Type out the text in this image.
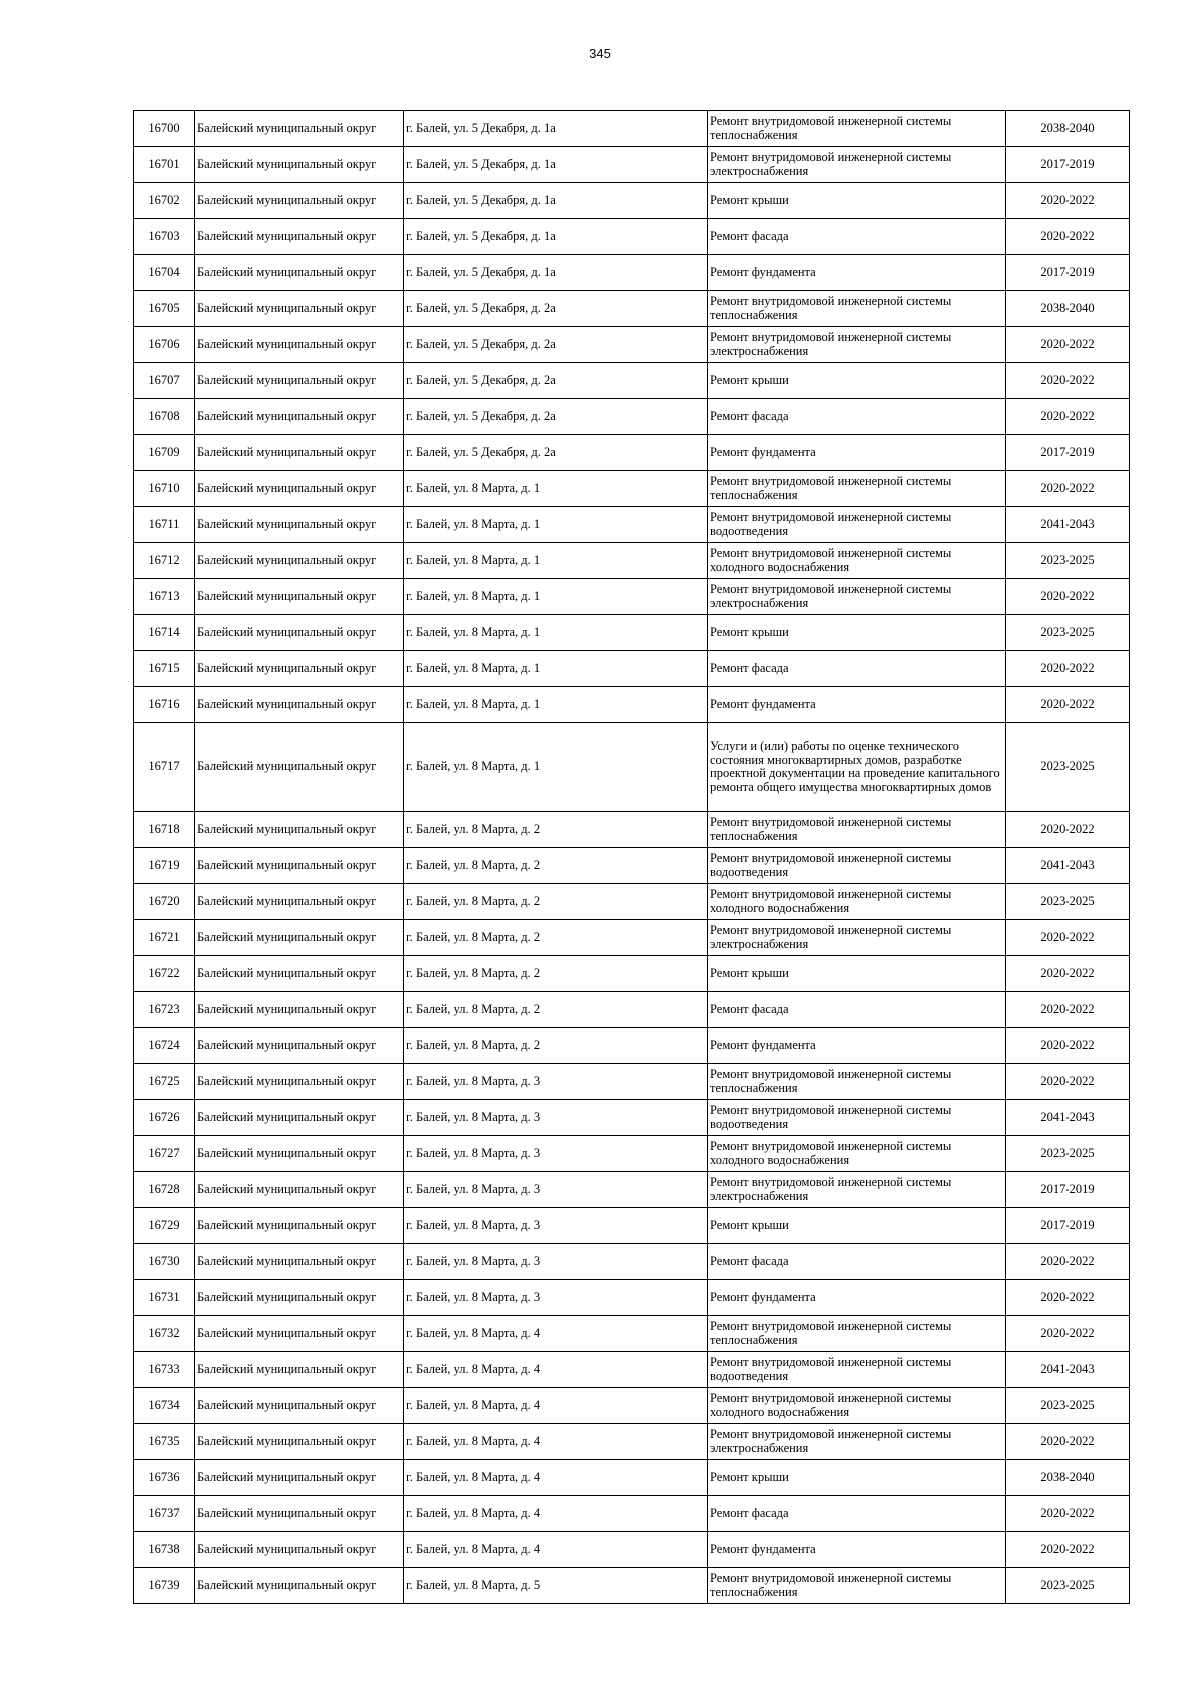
345
16700	Балейский муниципальный округ	г. Балей, ул. 5 Декабря, д. 1а	Ремонт внутридомовой инженерной системы теплоснабжения	2038-2040
16701	Балейский муниципальный округ	г. Балей, ул. 5 Декабря, д. 1а	Ремонт внутридомовой инженерной системы электроснабжения	2017-2019
16702	Балейский муниципальный округ	г. Балей, ул. 5 Декабря, д. 1а	Ремонт крыши	2020-2022
16703	Балейский муниципальный округ	г. Балей, ул. 5 Декабря, д. 1а	Ремонт фасада	2020-2022
16704	Балейский муниципальный округ	г. Балей, ул. 5 Декабря, д. 1а	Ремонт фундамента	2017-2019
16705	Балейский муниципальный округ	г. Балей, ул. 5 Декабря, д. 2а	Ремонт внутридомовой инженерной системы теплоснабжения	2038-2040
16706	Балейский муниципальный округ	г. Балей, ул. 5 Декабря, д. 2а	Ремонт внутридомовой инженерной системы электроснабжения	2020-2022
16707	Балейский муниципальный округ	г. Балей, ул. 5 Декабря, д. 2а	Ремонт крыши	2020-2022
16708	Балейский муниципальный округ	г. Балей, ул. 5 Декабря, д. 2а	Ремонт фасада	2020-2022
16709	Балейский муниципальный округ	г. Балей, ул. 5 Декабря, д. 2а	Ремонт фундамента	2017-2019
16710	Балейский муниципальный округ	г. Балей, ул. 8 Марта, д. 1	Ремонт внутридомовой инженерной системы теплоснабжения	2020-2022
16711	Балейский муниципальный округ	г. Балей, ул. 8 Марта, д. 1	Ремонт внутридомовой инженерной системы водоотведения	2041-2043
16712	Балейский муниципальный округ	г. Балей, ул. 8 Марта, д. 1	Ремонт внутридомовой инженерной системы холодного водоснабжения	2023-2025
16713	Балейский муниципальный округ	г. Балей, ул. 8 Марта, д. 1	Ремонт внутридомовой инженерной системы электроснабжения	2020-2022
16714	Балейский муниципальный округ	г. Балей, ул. 8 Марта, д. 1	Ремонт крыши	2023-2025
16715	Балейский муниципальный округ	г. Балей, ул. 8 Марта, д. 1	Ремонт фасада	2020-2022
16716	Балейский муниципальный округ	г. Балей, ул. 8 Марта, д. 1	Ремонт фундамента	2020-2022
16717	Балейский муниципальный округ	г. Балей, ул. 8 Марта, д. 1	Услуги и (или) работы по оценке технического состояния многоквартирных домов, разработке проектной документации на проведение капитального ремонта общего имущества многоквартирных домов	2023-2025
16718	Балейский муниципальный округ	г. Балей, ул. 8 Марта, д. 2	Ремонт внутридомовой инженерной системы теплоснабжения	2020-2022
16719	Балейский муниципальный округ	г. Балей, ул. 8 Марта, д. 2	Ремонт внутридомовой инженерной системы водоотведения	2041-2043
16720	Балейский муниципальный округ	г. Балей, ул. 8 Марта, д. 2	Ремонт внутридомовой инженерной системы холодного водоснабжения	2023-2025
16721	Балейский муниципальный округ	г. Балей, ул. 8 Марта, д. 2	Ремонт внутридомовой инженерной системы электроснабжения	2020-2022
16722	Балейский муниципальный округ	г. Балей, ул. 8 Марта, д. 2	Ремонт крыши	2020-2022
16723	Балейский муниципальный округ	г. Балей, ул. 8 Марта, д. 2	Ремонт фасада	2020-2022
16724	Балейский муниципальный округ	г. Балей, ул. 8 Марта, д. 2	Ремонт фундамента	2020-2022
16725	Балейский муниципальный округ	г. Балей, ул. 8 Марта, д. 3	Ремонт внутридомовой инженерной системы теплоснабжения	2020-2022
16726	Балейский муниципальный округ	г. Балей, ул. 8 Марта, д. 3	Ремонт внутридомовой инженерной системы водоотведения	2041-2043
16727	Балейский муниципальный округ	г. Балей, ул. 8 Марта, д. 3	Ремонт внутридомовой инженерной системы холодного водоснабжения	2023-2025
16728	Балейский муниципальный округ	г. Балей, ул. 8 Марта, д. 3	Ремонт внутридомовой инженерной системы электроснабжения	2017-2019
16729	Балейский муниципальный округ	г. Балей, ул. 8 Марта, д. 3	Ремонт крыши	2017-2019
16730	Балейский муниципальный округ	г. Балей, ул. 8 Марта, д. 3	Ремонт фасада	2020-2022
16731	Балейский муниципальный округ	г. Балей, ул. 8 Марта, д. 3	Ремонт фундамента	2020-2022
16732	Балейский муниципальный округ	г. Балей, ул. 8 Марта, д. 4	Ремонт внутридомовой инженерной системы теплоснабжения	2020-2022
16733	Балейский муниципальный округ	г. Балей, ул. 8 Марта, д. 4	Ремонт внутридомовой инженерной системы водоотведения	2041-2043
16734	Балейский муниципальный округ	г. Балей, ул. 8 Марта, д. 4	Ремонт внутридомовой инженерной системы холодного водоснабжения	2023-2025
16735	Балейский муниципальный округ	г. Балей, ул. 8 Марта, д. 4	Ремонт внутридомовой инженерной системы электроснабжения	2020-2022
16736	Балейский муниципальный округ	г. Балей, ул. 8 Марта, д. 4	Ремонт крыши	2038-2040
16737	Балейский муниципальный округ	г. Балей, ул. 8 Марта, д. 4	Ремонт фасада	2020-2022
16738	Балейский муниципальный округ	г. Балей, ул. 8 Марта, д. 4	Ремонт фундамента	2020-2022
16739	Балейский муниципальный округ	г. Балей, ул. 8 Марта, д. 5	Ремонт внутридомовой инженерной системы теплоснабжения	2023-2025
